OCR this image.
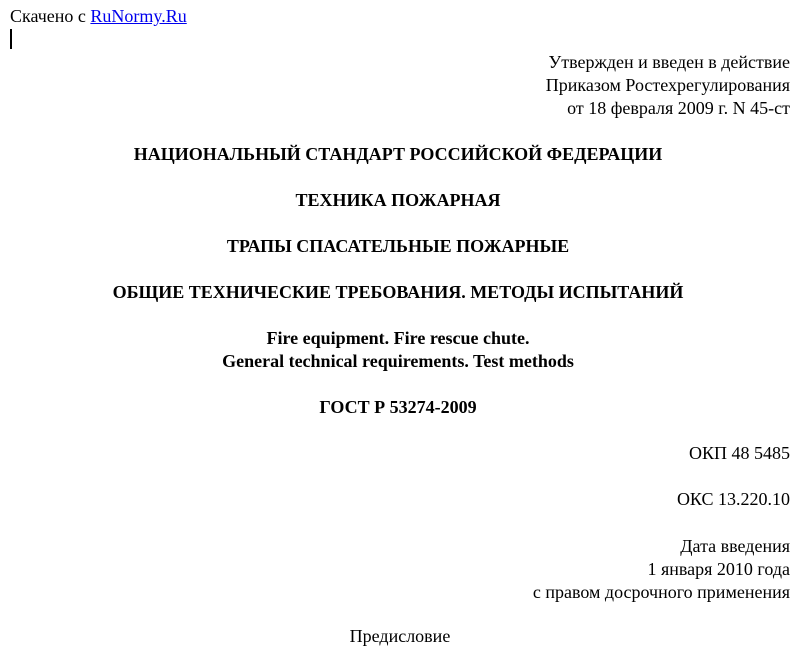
Скачено с RuNormy.Ru
Утвержден и введен в действие
Приказом Ростехрегулирования
от 18 февраля 2009 г. N 45-ст
НАЦИОНАЛЬНЫЙ СТАНДАРТ РОССИЙСКОЙ ФЕДЕРАЦИИ
ТЕХНИКА ПОЖАРНАЯ
ТРАПЫ СПАСАТЕЛЬНЫЕ ПОЖАРНЫЕ
ОБЩИЕ ТЕХНИЧЕСКИЕ ТРЕБОВАНИЯ. МЕТОДЫ ИСПЫТАНИЙ
Fire equipment. Fire rescue chute.
General technical requirements. Test methods
ГОСТ Р 53274-2009
ОКП 48 5485
ОКС 13.220.10
Дата введения
1 января 2010 года
с правом досрочного применения
Предисловие
